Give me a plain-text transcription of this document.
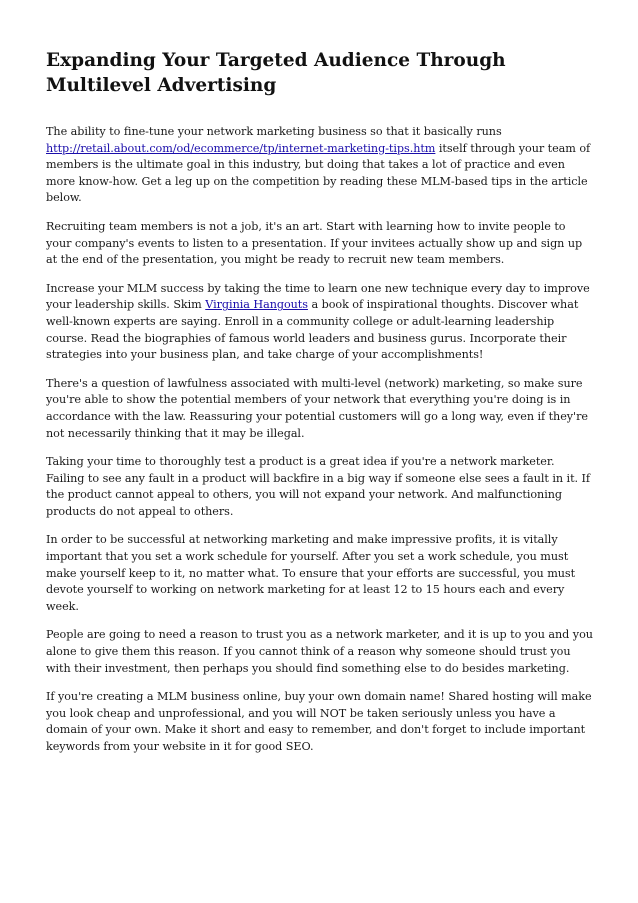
Expanding Your Targeted Audience Through Multilevel Advertising

The ability to fine-tune your network marketing business so that it basically runs http://retail.about.com/od/ecommerce/tp/internet-marketing-tips.htm itself through your team of members is the ultimate goal in this industry, but doing that takes a lot of practice and even more know-how. Get a leg up on the competition by reading these MLM-based tips in the article below.

Recruiting team members is not a job, it's an art. Start with learning how to invite people to your company's events to listen to a presentation. If your invitees actually show up and sign up at the end of the presentation, you might be ready to recruit new team members.

Increase your MLM success by taking the time to learn one new technique every day to improve your leadership skills. Skim Virginia Hangouts a book of inspirational thoughts. Discover what well-known experts are saying. Enroll in a community college or adult-learning leadership course. Read the biographies of famous world leaders and business gurus. Incorporate their strategies into your business plan, and take charge of your accomplishments!

There's a question of lawfulness associated with multi-level (network) marketing, so make sure you're able to show the potential members of your network that everything you're doing is in accordance with the law. Reassuring your potential customers will go a long way, even if they're not necessarily thinking that it may be illegal.

Taking your time to thoroughly test a product is a great idea if you're a network marketer. Failing to see any fault in a product will backfire in a big way if someone else sees a fault in it. If the product cannot appeal to others, you will not expand your network. And malfunctioning products do not appeal to others.

In order to be successful at networking marketing and make impressive profits, it is vitally important that you set a work schedule for yourself. After you set a work schedule, you must make yourself keep to it, no matter what. To ensure that your efforts are successful, you must devote yourself to working on network marketing for at least 12 to 15 hours each and every week.

People are going to need a reason to trust you as a network marketer, and it is up to you and you alone to give them this reason. If you cannot think of a reason why someone should trust you with their investment, then perhaps you should find something else to do besides marketing.

If you're creating a MLM business online, buy your own domain name! Shared hosting will make you look cheap and unprofessional, and you will NOT be taken seriously unless you have a domain of your own. Make it short and easy to remember, and don't forget to include important keywords from your website in it for good SEO.
